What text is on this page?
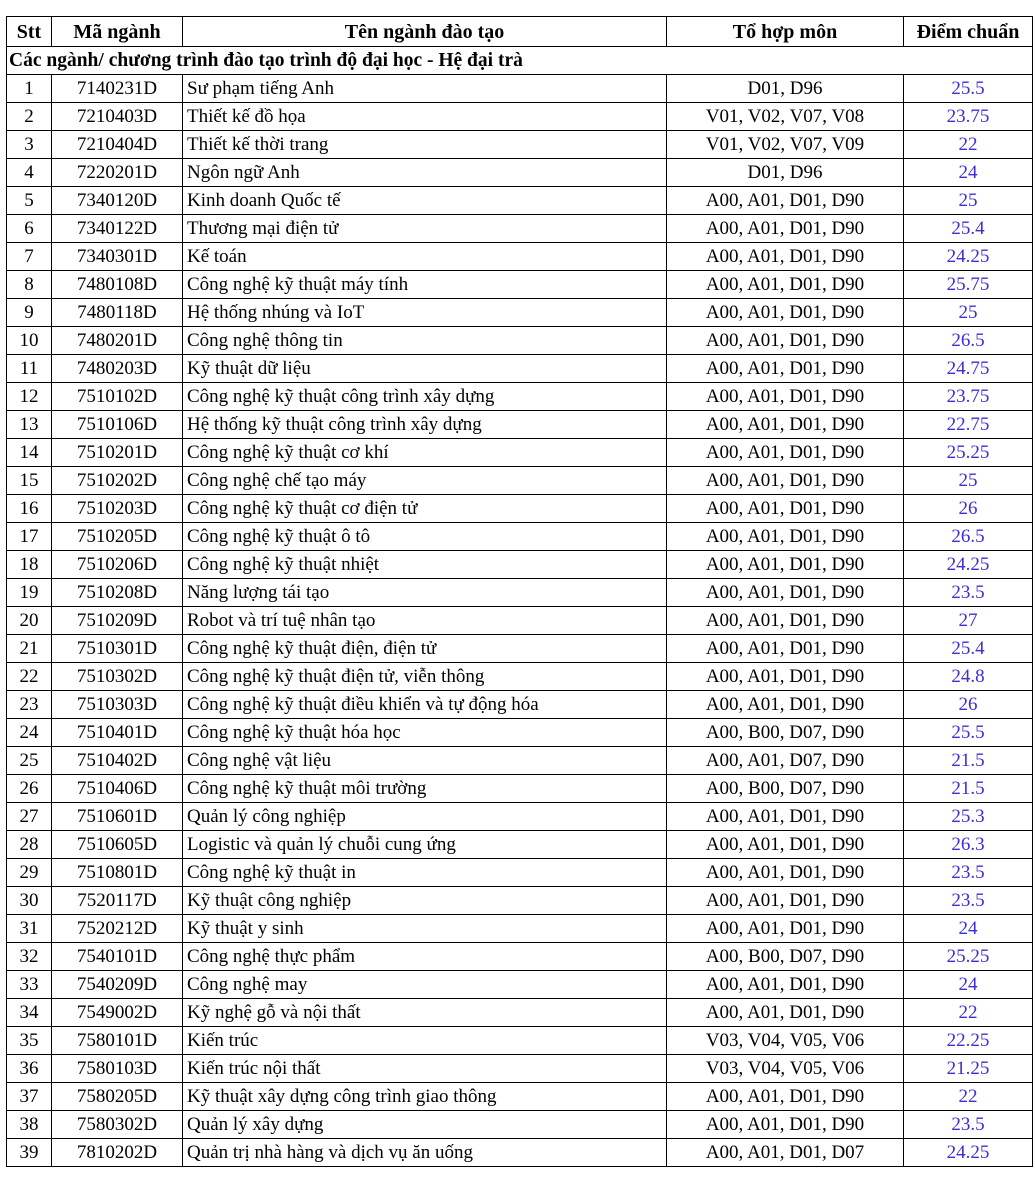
Stt	Mã ngành	Tên ngành đào tạo	Tổ hợp môn	Điểm chuẩn
Các ngành/ chương trình đào tạo trình độ đại học - Hệ đại trà				
1	7140231D	Sư phạm tiếng Anh	D01, D96	25.5
2	7210403D	Thiết kế đồ họa	V01, V02, V07, V08	23.75
3	7210404D	Thiết kế thời trang	V01, V02, V07, V09	22
4	7220201D	Ngôn ngữ Anh	D01, D96	24
5	7340120D	Kinh doanh Quốc tế	A00, A01, D01, D90	25
6	7340122D	Thương mại điện tử	A00, A01, D01, D90	25.4
7	7340301D	Kế toán	A00, A01, D01, D90	24.25
8	7480108D	Công nghệ kỹ thuật máy tính	A00, A01, D01, D90	25.75
9	7480118D	Hệ thống nhúng và IoT	A00, A01, D01, D90	25
10	7480201D	Công nghệ thông tin	A00, A01, D01, D90	26.5
11	7480203D	Kỹ thuật dữ liệu	A00, A01, D01, D90	24.75
12	7510102D	Công nghệ kỹ thuật công trình xây dựng	A00, A01, D01, D90	23.75
13	7510106D	Hệ thống kỹ thuật công trình xây dựng	A00, A01, D01, D90	22.75
14	7510201D	Công nghệ kỹ thuật cơ khí	A00, A01, D01, D90	25.25
15	7510202D	Công nghệ chế tạo máy	A00, A01, D01, D90	25
16	7510203D	Công nghệ kỹ thuật cơ điện tử	A00, A01, D01, D90	26
17	7510205D	Công nghệ kỹ thuật ô tô	A00, A01, D01, D90	26.5
18	7510206D	Công nghệ kỹ thuật nhiệt	A00, A01, D01, D90	24.25
19	7510208D	Năng lượng tái tạo	A00, A01, D01, D90	23.5
20	7510209D	Robot và trí tuệ nhân tạo	A00, A01, D01, D90	27
21	7510301D	Công nghệ kỹ thuật điện, điện tử	A00, A01, D01, D90	25.4
22	7510302D	Công nghệ kỹ thuật điện tử, viễn thông	A00, A01, D01, D90	24.8
23	7510303D	Công nghệ kỹ thuật điều khiển và tự động hóa	A00, A01, D01, D90	26
24	7510401D	Công nghệ kỹ thuật hóa học	A00, B00, D07, D90	25.5
25	7510402D	Công nghệ vật liệu	A00, A01, D07, D90	21.5
26	7510406D	Công nghệ kỹ thuật môi trường	A00, B00, D07, D90	21.5
27	7510601D	Quản lý công nghiệp	A00, A01, D01, D90	25.3
28	7510605D	Logistic và quản lý chuỗi cung ứng	A00, A01, D01, D90	26.3
29	7510801D	Công nghệ kỹ thuật in	A00, A01, D01, D90	23.5
30	7520117D	Kỹ thuật công nghiệp	A00, A01, D01, D90	23.5
31	7520212D	Kỹ thuật y sinh	A00, A01, D01, D90	24
32	7540101D	Công nghệ thực phẩm	A00, B00, D07, D90	25.25
33	7540209D	Công nghệ may	A00, A01, D01, D90	24
34	7549002D	Kỹ nghệ gỗ và nội thất	A00, A01, D01, D90	22
35	7580101D	Kiến trúc	V03, V04, V05, V06	22.25
36	7580103D	Kiến trúc nội thất	V03, V04, V05, V06	21.25
37	7580205D	Kỹ thuật xây dựng công trình giao thông	A00, A01, D01, D90	22
38	7580302D	Quản lý xây dựng	A00, A01, D01, D90	23.5
39	7810202D	Quản trị nhà hàng và dịch vụ ăn uống	A00, A01, D01, D07	24.25
